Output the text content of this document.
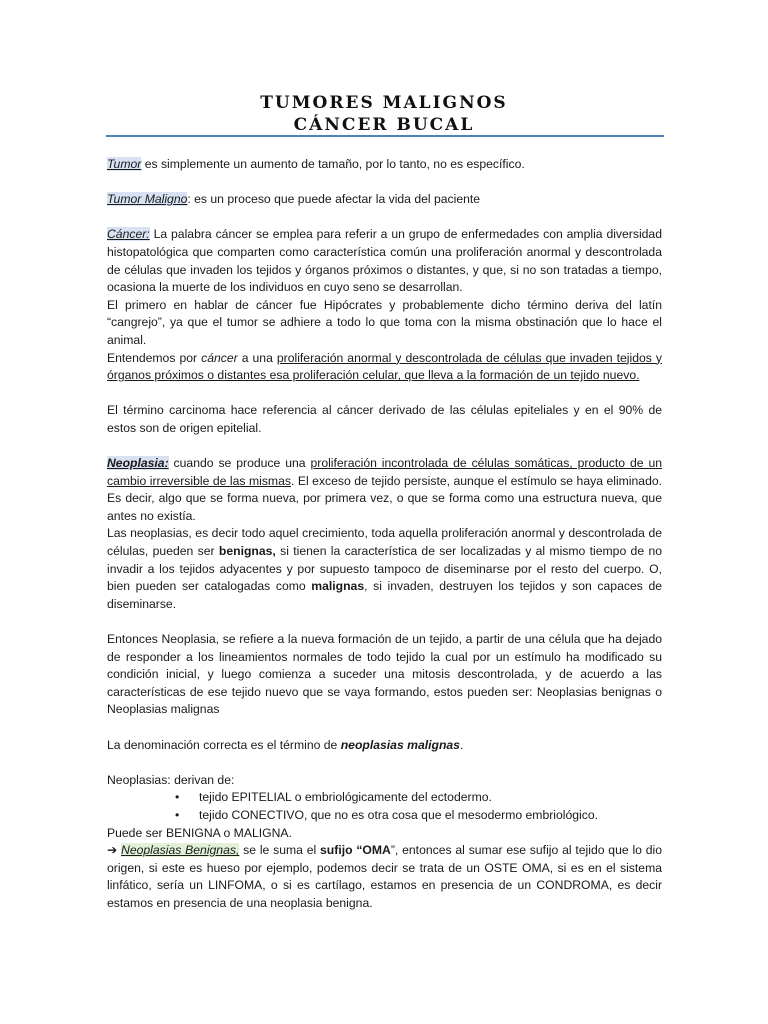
TUMORES MALIGNOS
CÁNCER BUCAL

Tumor es simplemente un aumento de tamaño, por lo tanto, no es específico.

Tumor Maligno: es un proceso que puede afectar la vida del paciente

Cáncer: La palabra cáncer se emplea para referir a un grupo de enfermedades con amplia diversidad histopatológica que comparten como característica común una proliferación anormal y descontrolada de células que invaden los tejidos y órganos próximos o distantes, y que, si no son tratadas a tiempo, ocasiona la muerte de los individuos en cuyo seno se desarrollan.

El primero en hablar de cáncer fue Hipócrates y probablemente dicho término deriva del latín “cangrejo”, ya que el tumor se adhiere a todo lo que toma con la misma obstinación que lo hace el animal.

Entendemos por cáncer a una proliferación anormal y descontrolada de células que invaden tejidos y órganos próximos o distantes esa proliferación celular, que lleva a la formación de un tejido nuevo.

El término carcinoma hace referencia al cáncer derivado de las células epiteliales y en el 90% de estos son de origen epitelial.

Neoplasia: cuando se produce una proliferación incontrolada de células somáticas, producto de un cambio irreversible de las mismas. El exceso de tejido persiste, aunque el estímulo se haya eliminado. Es decir, algo que se forma nueva, por primera vez, o que se forma como una estructura nueva, que antes no existía.

Las neoplasias, es decir todo aquel crecimiento, toda aquella proliferación anormal y descontrolada de células, pueden ser benignas, si tienen la característica de ser localizadas y al mismo tiempo de no invadir a los tejidos adyacentes y por supuesto tampoco de diseminarse por el resto del cuerpo. O, bien pueden ser catalogadas como malignas, si invaden, destruyen los tejidos y son capaces de diseminarse.

Entonces Neoplasia, se refiere a la nueva formación de un tejido, a partir de una célula que ha dejado de responder a los lineamientos normales de todo tejido la cual por un estímulo ha modificado su condición inicial, y luego comienza a suceder una mitosis descontrolada, y de acuerdo a las características de ese tejido nuevo que se vaya formando, estos pueden ser: Neoplasias benignas o Neoplasias malignas

La denominación correcta es el término de neoplasias malignas.

Neoplasias: derivan de:

• tejido EPITELIAL o embriológicamente del ectodermo.
• tejido CONECTIVO, que no es otra cosa que el mesodermo embriológico.

Puede ser BENIGNA o MALIGNA.

➔ Neoplasias Benignas, se le suma el sufijo “OMA”, entonces al sumar ese sufijo al tejido que lo dio origen, si este es hueso por ejemplo, podemos decir se trata de un OSTE OMA, si es en el sistema linfático, sería un LINFOMA, o si es cartílago, estamos en presencia de un CONDROMA, es decir estamos en presencia de una neoplasia benigna.
